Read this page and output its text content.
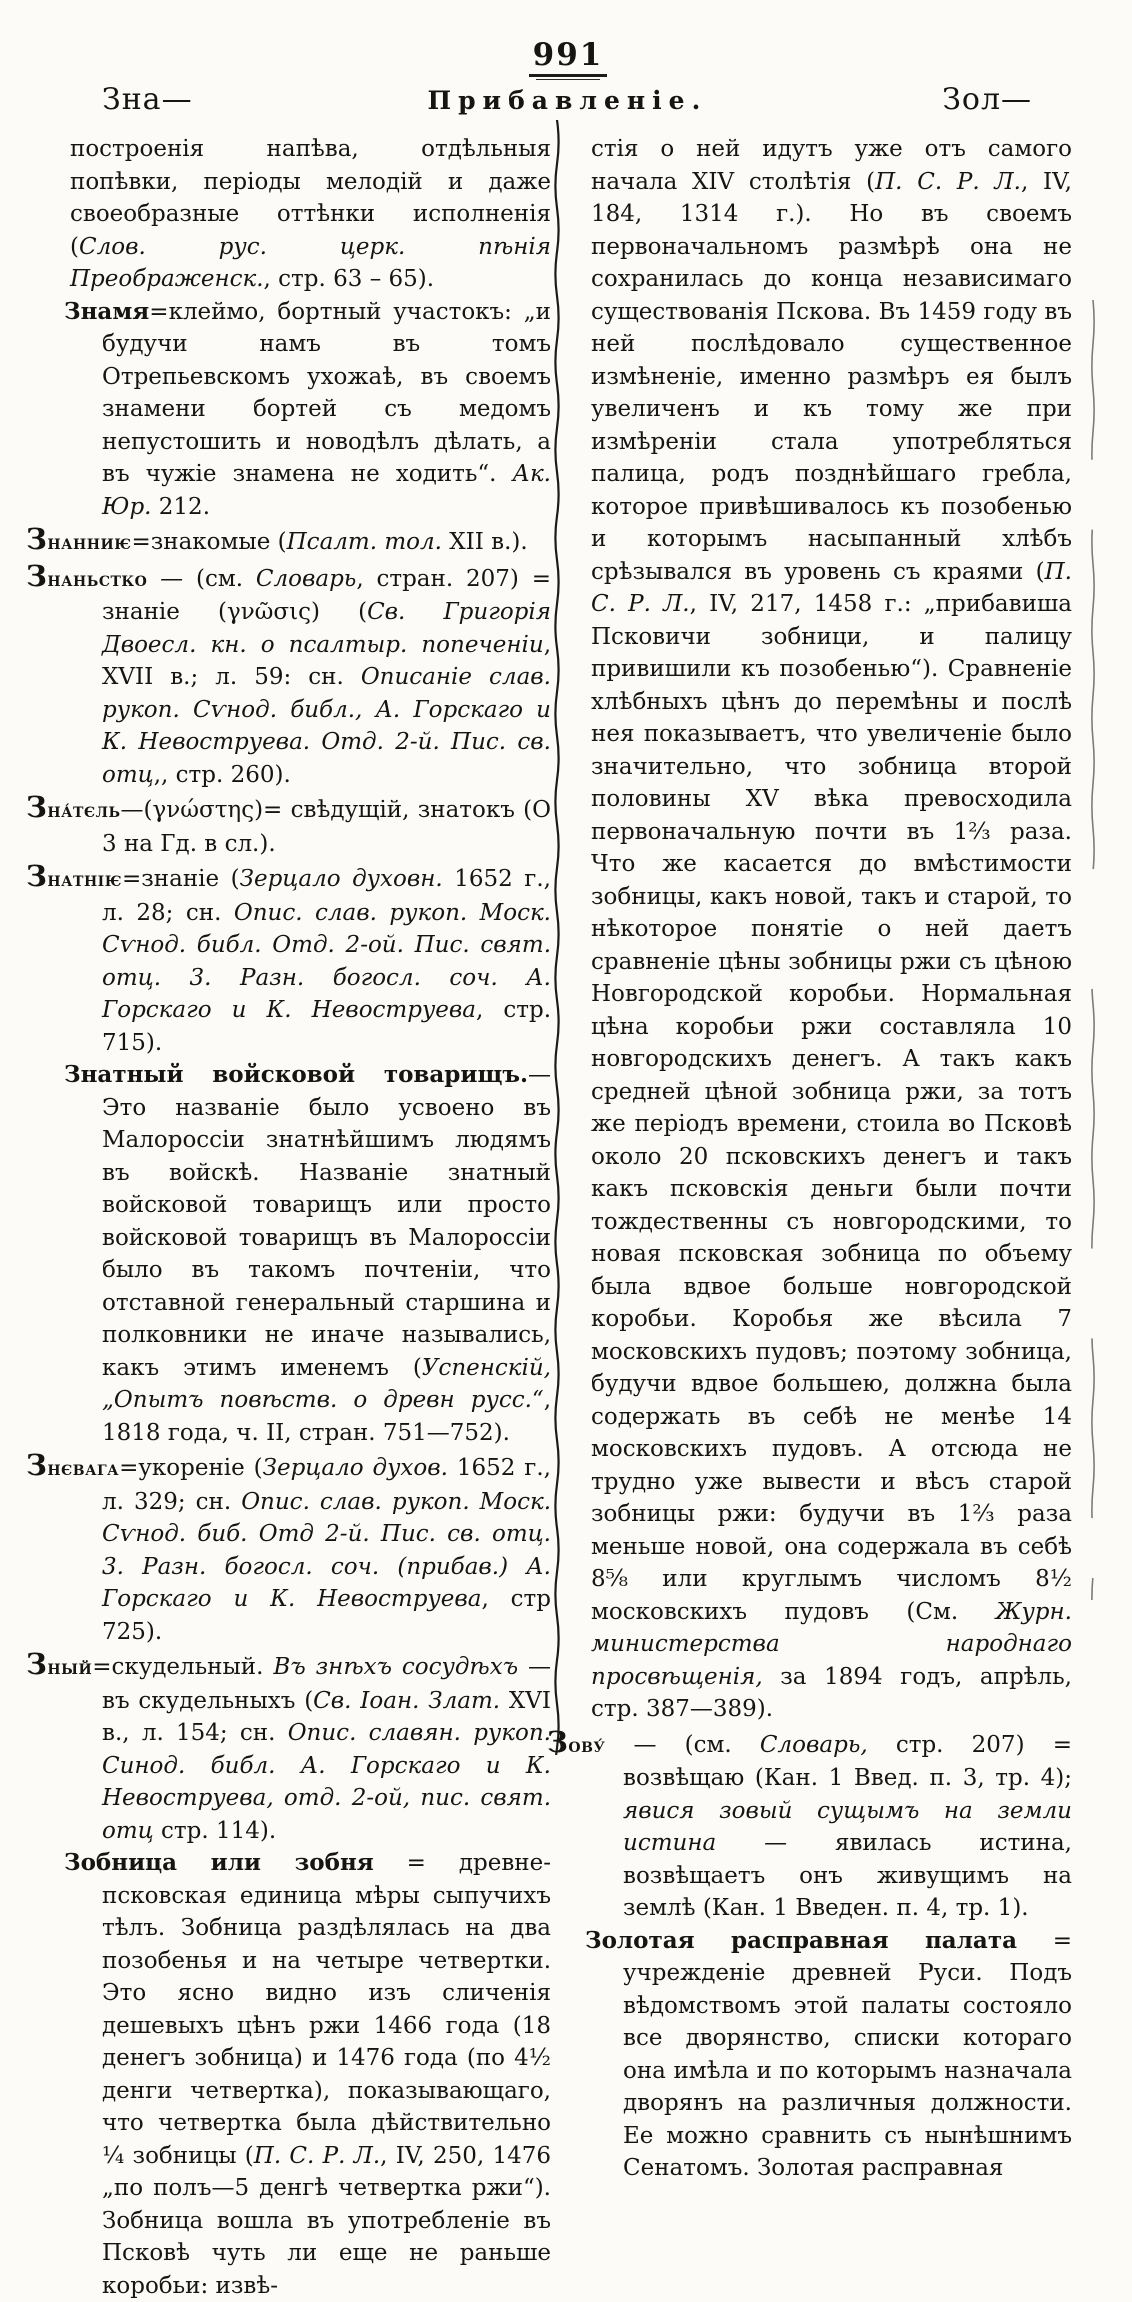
991
Зна—	Прибавленіе.	Зол—

построенія напѣва, отдѣльныя попѣвки, періоды мелодій и даже своеобразные оттѣнки исполненія (Слов. рус. церк. пѣнія Преображенск., стр. 63 – 65).

Знамя=клеймо, бортный участокъ: „и будучи намъ въ томъ Отрепьевскомъ ухожаѣ, въ своемъ знамени бортей съ медомъ непустошить и новодѣлъ дѣлать, а въ чужіе знамена не ходить“. Ак. Юр. 212.

Знанниѥ=знакомые (Псалт. тол. XII в.).

Знаньстко — (см. Словарь, стран. 207) = знаніе (γνῶσις) (Св. Григорія Двоесл. кн. о псалтыр. попеченіи, XVII в.; л. 59: сн. Описаніе слав. рукоп. Сѵнод. библ., А. Горскаго и К. Невоструева. Отд. 2-й. Пис. св. отц,, стр. 260).

Зна́тєль—(γνώστης)= свѣдущій, знатокъ (О 3 на Гд. в сл.).

Знатніѥ=знаніе (Зерцало духовн. 1652 г., л. 28; сн. Опис. слав. рукоп. Моск. Сѵнод. библ. Отд. 2-ой. Пис. свят. отц. 3. Разн. богосл. соч. А. Горскаго и К. Невоструева, стр. 715).

Знатный войсковой товарищъ.—Это названіе было усвоено въ Малороссіи знатнѣйшимъ людямъ въ войскѣ. Названіе знатный войсковой товарищъ или просто войсковой товарищъ въ Малороссіи было въ такомъ почтеніи, что отставной генеральный старшина и полковники не иначе назывались, какъ этимъ именемъ (Успенскій, „Опытъ повѣств. о древн русс.“, 1818 года, ч. II, стран. 751—752).

Знєвага=укореніе (Зерцало духов. 1652 г., л. 329; сн. Опис. слав. рукоп. Моск. Сѵнод. биб. Отд 2-й. Пис. св. отц. 3. Разн. богосл. соч. (прибав.) А. Горскаго и К. Невоструева, стр 725).

Зный=скудельный. Въ знѣхъ сосудѣхъ — въ скудельныхъ (Св. Іоан. Злат. XVI в., л. 154; сн. Опис. славян. рукоп. Синод. библ. А. Горскаго и К. Невоструева, отд. 2-ой, пис. свят. отц стр. 114).

Зобница или зобня = древне-псковская единица мѣры сыпучихъ тѣлъ. Зобница раздѣлялась на два позобенья и на четыре четвертки. Это ясно видно изъ сличенія дешевыхъ цѣнъ ржи 1466 года (18 денегъ зобница) и 1476 года (по 4¹⁄₂ денги четвертка), показывающаго, что четвертка была дѣйствительно ¹⁄₄ зобницы (П. С. Р. Л., IV, 250, 1476 „по полъ—5 денгѣ четвертка ржи“). Зобница вошла въ употребленіе въ Псковѣ чуть ли еще не раньше коробьи: извѣ-

стія о ней идутъ уже отъ самого начала XIV столѣтія (П. С. Р. Л., IV, 184, 1314 г.). Но въ своемъ первоначальномъ размѣрѣ она не сохранилась до конца независимаго существованія Пскова. Въ 1459 году въ ней послѣдовало существенное измѣненіе, именно размѣръ ея былъ увеличенъ и къ тому же при измѣреніи стала употребляться палица, родъ позднѣйшаго гребла, которое привѣшивалось къ позобенью и которымъ насыпанный хлѣбъ срѣзывался въ уровень съ краями (П. С. Р. Л., IV, 217, 1458 г.: „прибавиша Псковичи зобници, и палицу привишили къ позобенью“). Сравненіе хлѣбныхъ цѣнъ до перемѣны и послѣ нея показываетъ, что увеличеніе было значительно, что зобница второй половины XV вѣка превосходила первоначальную почти въ 1²⁄₃ раза. Что же касается до вмѣстимости зобницы, какъ новой, такъ и старой, то нѣкоторое понятіе о ней даетъ сравненіе цѣны зобницы ржи съ цѣною Новгородской коробьи. Нормальная цѣна коробьи ржи составляла 10 новгородскихъ денегъ. А такъ какъ средней цѣной зобница ржи, за тотъ же періодъ времени, стоила во Псковѣ около 20 псковскихъ денегъ и такъ какъ псковскія деньги были почти тождественны съ новгородскими, то новая псковская зобница по объему была вдвое больше новгородской коробьи. Коробья же вѣсила 7 московскихъ пудовъ; поэтому зобница, будучи вдвое большею, должна была содержать въ себѣ не менѣе 14 московскихъ пудовъ. А отсюда не трудно уже вывести и вѣсъ старой зобницы ржи: будучи въ 1²⁄₃ раза меньше новой, она содержала въ себѣ 8⁵⁄₈ или круглымъ числомъ 8¹⁄₂ московскихъ пудовъ (См. Журн. министерства народнаго просвѣщенія, за 1894 годъ, апрѣль, стр. 387—389).

Зову́ — (см. Словарь, стр. 207) = возвѣщаю (Кан. 1 Введ. п. 3, тр. 4); явися зовый сущымъ на земли истина — явилась истина, возвѣщаетъ онъ живущимъ на землѣ (Кан. 1 Введен. п. 4, тр. 1).

Золотая расправная палата = учрежденіе древней Руси. Подъ вѣдомствомъ этой палаты состояло все дворянство, списки котораго она имѣла и по которымъ назначала дворянъ на различныя должности. Ее можно сравнить съ нынѣшнимъ Сенатомъ. Золотая расправная
